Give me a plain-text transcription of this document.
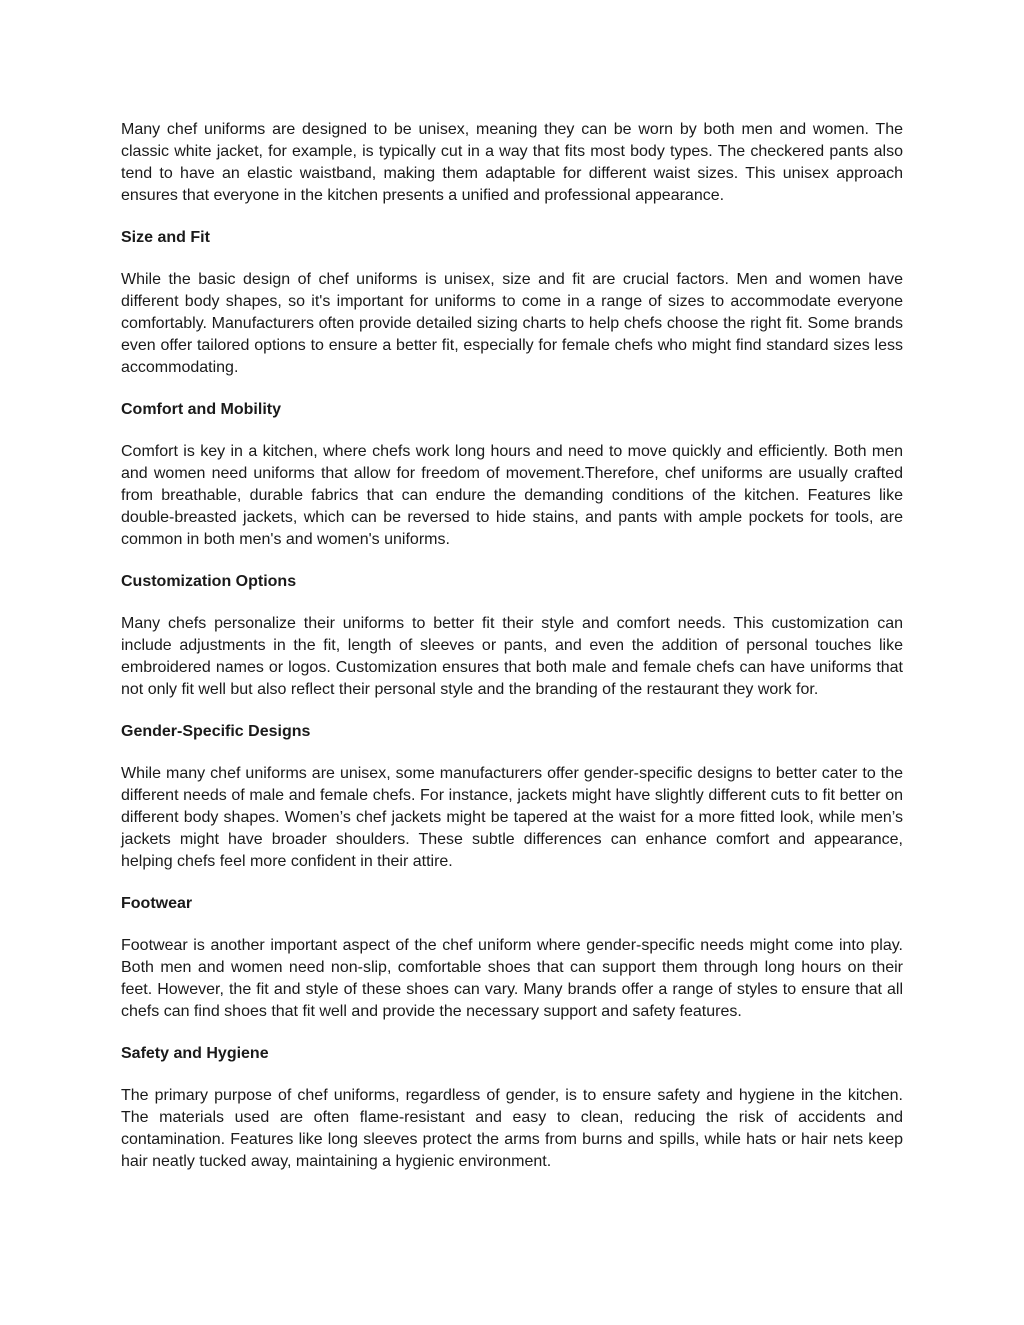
Many chef uniforms are designed to be unisex, meaning they can be worn by both men and women. The classic white jacket, for example, is typically cut in a way that fits most body types. The checkered pants also tend to have an elastic waistband, making them adaptable for different waist sizes. This unisex approach ensures that everyone in the kitchen presents a unified and professional appearance.

Size and Fit

While the basic design of chef uniforms is unisex, size and fit are crucial factors. Men and women have different body shapes, so it's important for uniforms to come in a range of sizes to accommodate everyone comfortably. Manufacturers often provide detailed sizing charts to help chefs choose the right fit. Some brands even offer tailored options to ensure a better fit, especially for female chefs who might find standard sizes less accommodating.

Comfort and Mobility

Comfort is key in a kitchen, where chefs work long hours and need to move quickly and efficiently. Both men and women need uniforms that allow for freedom of movement.Therefore, chef uniforms are usually crafted from breathable, durable fabrics that can endure the demanding conditions of the kitchen. Features like double-breasted jackets, which can be reversed to hide stains, and pants with ample pockets for tools, are common in both men's and women's uniforms.

Customization Options

Many chefs personalize their uniforms to better fit their style and comfort needs. This customization can include adjustments in the fit, length of sleeves or pants, and even the addition of personal touches like embroidered names or logos. Customization ensures that both male and female chefs can have uniforms that not only fit well but also reflect their personal style and the branding of the restaurant they work for.

Gender-Specific Designs

While many chef uniforms are unisex, some manufacturers offer gender-specific designs to better cater to the different needs of male and female chefs. For instance, jackets might have slightly different cuts to fit better on different body shapes. Women’s chef jackets might be tapered at the waist for a more fitted look, while men’s jackets might have broader shoulders. These subtle differences can enhance comfort and appearance, helping chefs feel more confident in their attire.

Footwear

Footwear is another important aspect of the chef uniform where gender-specific needs might come into play. Both men and women need non-slip, comfortable shoes that can support them through long hours on their feet. However, the fit and style of these shoes can vary. Many brands offer a range of styles to ensure that all chefs can find shoes that fit well and provide the necessary support and safety features.

Safety and Hygiene

The primary purpose of chef uniforms, regardless of gender, is to ensure safety and hygiene in the kitchen. The materials used are often flame-resistant and easy to clean, reducing the risk of accidents and contamination. Features like long sleeves protect the arms from burns and spills, while hats or hair nets keep hair neatly tucked away, maintaining a hygienic environment.
